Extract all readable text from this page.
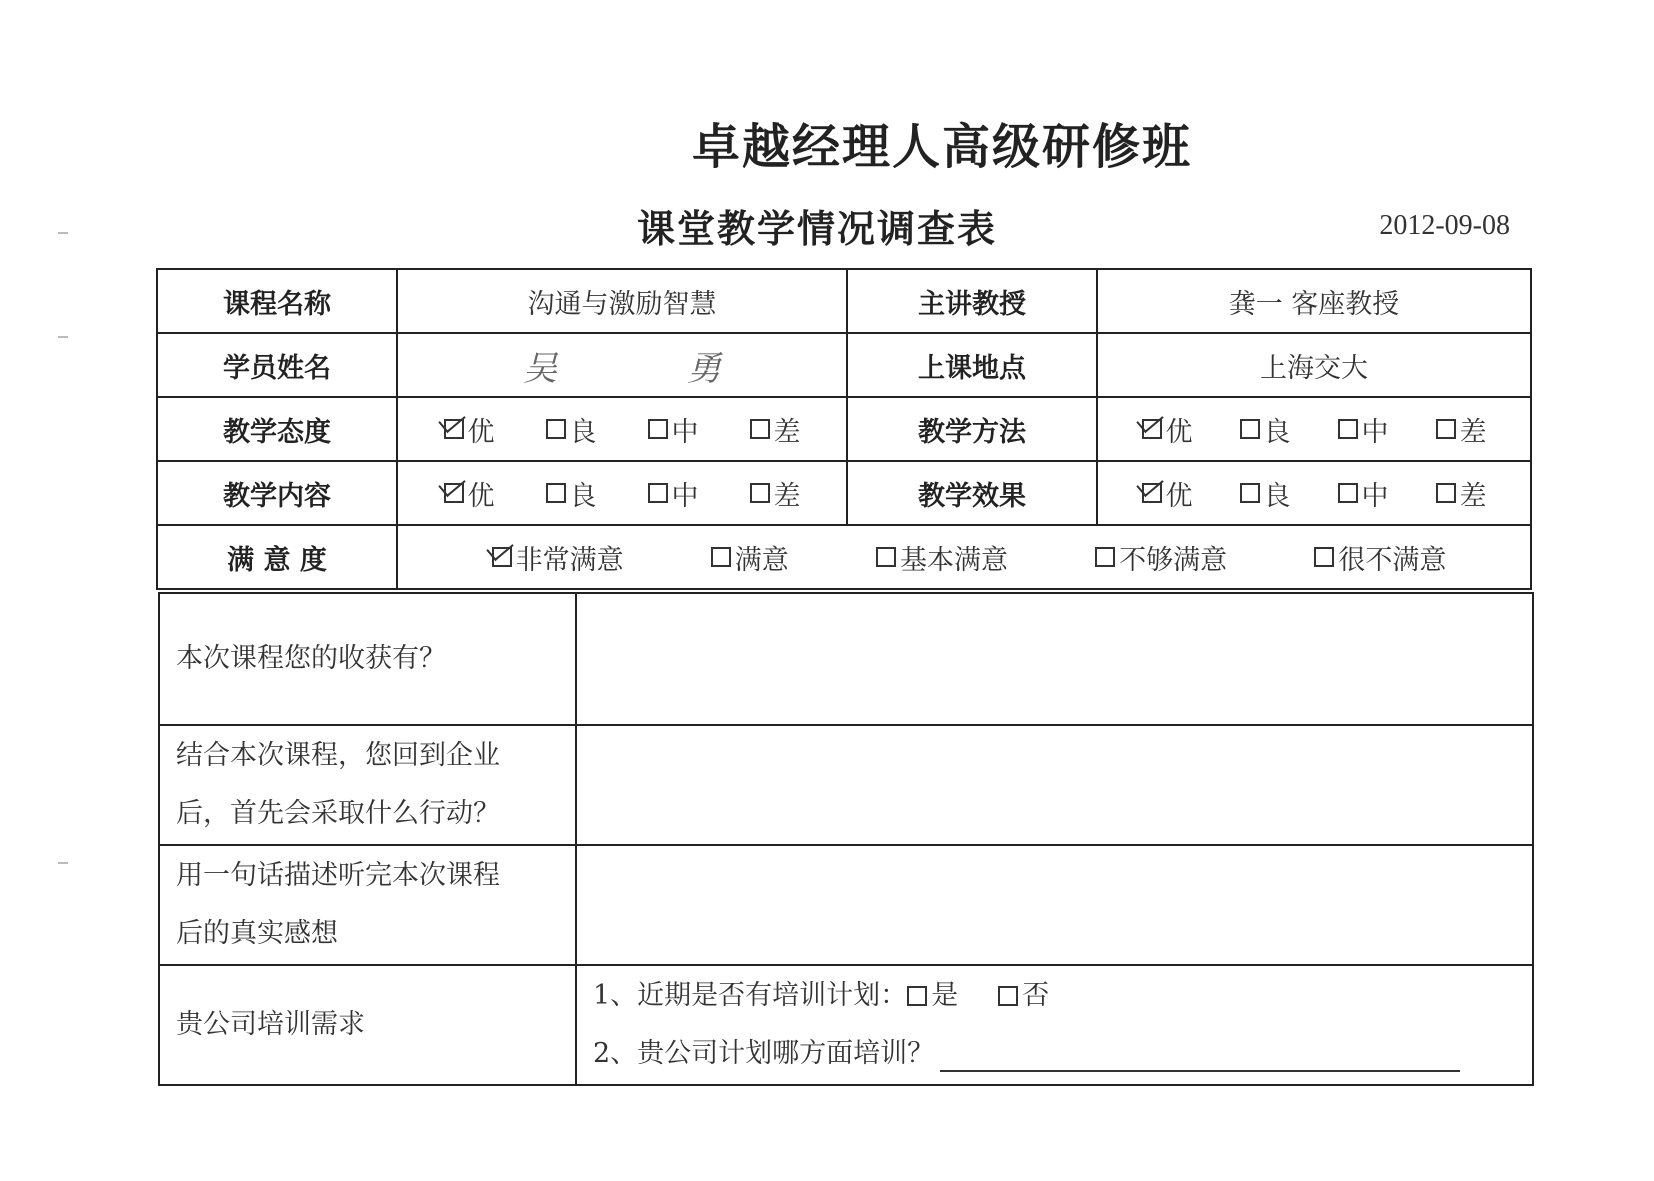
卓越经理人高级研修班
课堂教学情况调查表	2012-09-08
课程名称	沟通与激励智慧	主讲教授	龚一 客座教授
学员姓名	吴 勇	上课地点	上海交大
教学态度	优 良 中 差	教学方法	优 良 中 差

教学内容	优 良 中 差	教学效果	优 良 中 差

满 意 度	非常满意 满意 基本满意 不够满意 很不满意		
本次课程您的收获有？	

结合本次课程，您回到企业
后，首先会采取什么行动？	

用一句话描述听完本次课程
后的真实感想	

贵公司培训需求	1、近期是否有培训计划： 是 否
2、贵公司计划哪方面培训？
